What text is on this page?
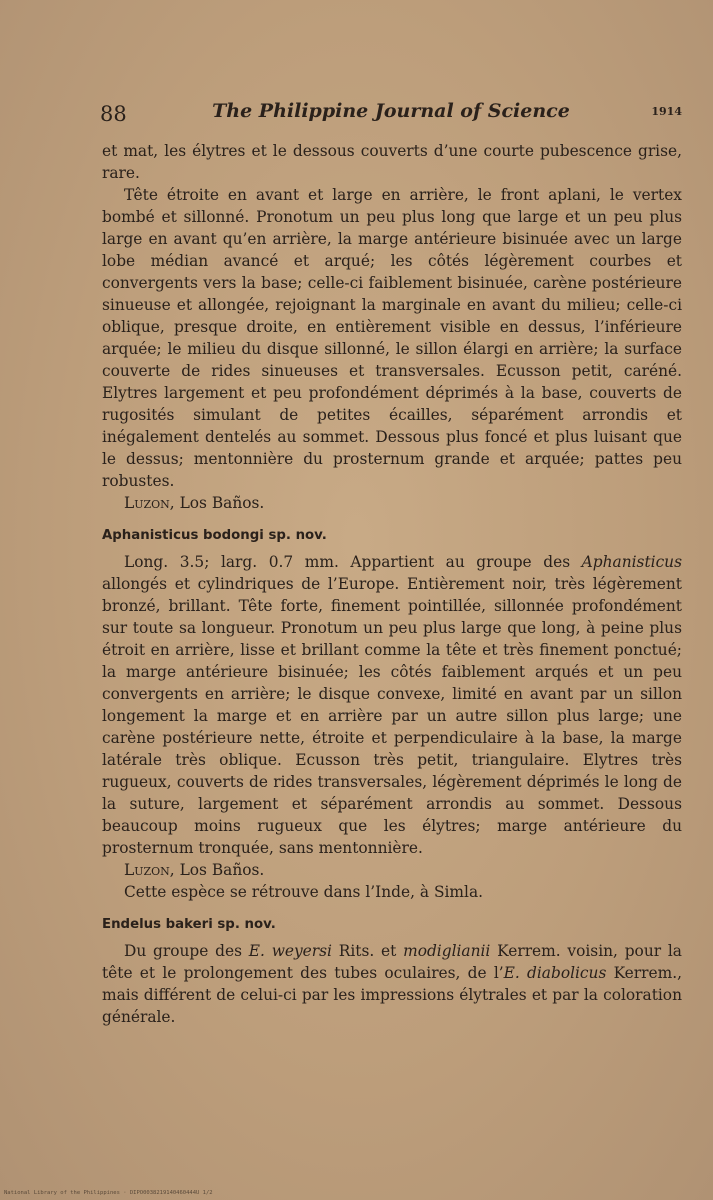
88	The Philippine Journal of Science	1914

et mat, les élytres et le dessous couverts d’une courte pubescence grise, rare.

Tête étroite en avant et large en arrière, le front aplani, le vertex bombé et sillonné. Pronotum un peu plus long que large et un peu plus large en avant qu’en arrière, la marge antérieure bisinuée avec un large lobe médian avancé et arqué; les côtés légèrement courbes et convergents vers la base; celle-ci faiblement bisinuée, carène postérieure sinueuse et allongée, rejoignant la marginale en avant du milieu; celle-ci oblique, presque droite, en entièrement visible en dessus, l’inférieure arquée; le milieu du disque sillonné, le sillon élargi en arrière; la surface couverte de rides sinueuses et transversales. Ecusson petit, caréné. Elytres largement et peu profondément déprimés à la base, couverts de rugosités simulant de petites écailles, séparément arrondis et inégalement dentelés au sommet. Dessous plus foncé et plus luisant que le dessus; mentonnière du prosternum grande et arquée; pattes peu robustes.

Luzon, Los Baños.

Aphanisticus bodongi sp. nov.

Long. 3.5; larg. 0.7 mm. Appartient au groupe des Aphanisticus allongés et cylindriques de l’Europe. Entièrement noir, très légèrement bronzé, brillant. Tête forte, finement pointillée, sillonnée profondément sur toute sa longueur. Pronotum un peu plus large que long, à peine plus étroit en arrière, lisse et brillant comme la tête et très finement ponctué; la marge antérieure bisinuée; les côtés faiblement arqués et un peu convergents en arrière; le disque convexe, limité en avant par un sillon longement la marge et en arrière par un autre sillon plus large; une carène postérieure nette, étroite et perpendiculaire à la base, la marge latérale très oblique. Ecusson très petit, triangulaire. Elytres très rugueux, couverts de rides transversales, légèrement déprimés le long de la suture, largement et séparément arrondis au sommet. Dessous beaucoup moins rugueux que les élytres; marge antérieure du prosternum tronquée, sans mentonnière.

Luzon, Los Baños.

Cette espèce se rétrouve dans l’Inde, à Simla.

Endelus bakeri sp. nov.

Du groupe des E. weyersi Rits. et modiglianii Kerrem. voisin, pour la tête et le prolongement des tubes oculaires, de l’E. diabolicus Kerrem., mais différent de celui-ci par les impressions élytrales et par la coloration générale.

National Library of the Philippines · DIPO0038219140460444U 1/2
